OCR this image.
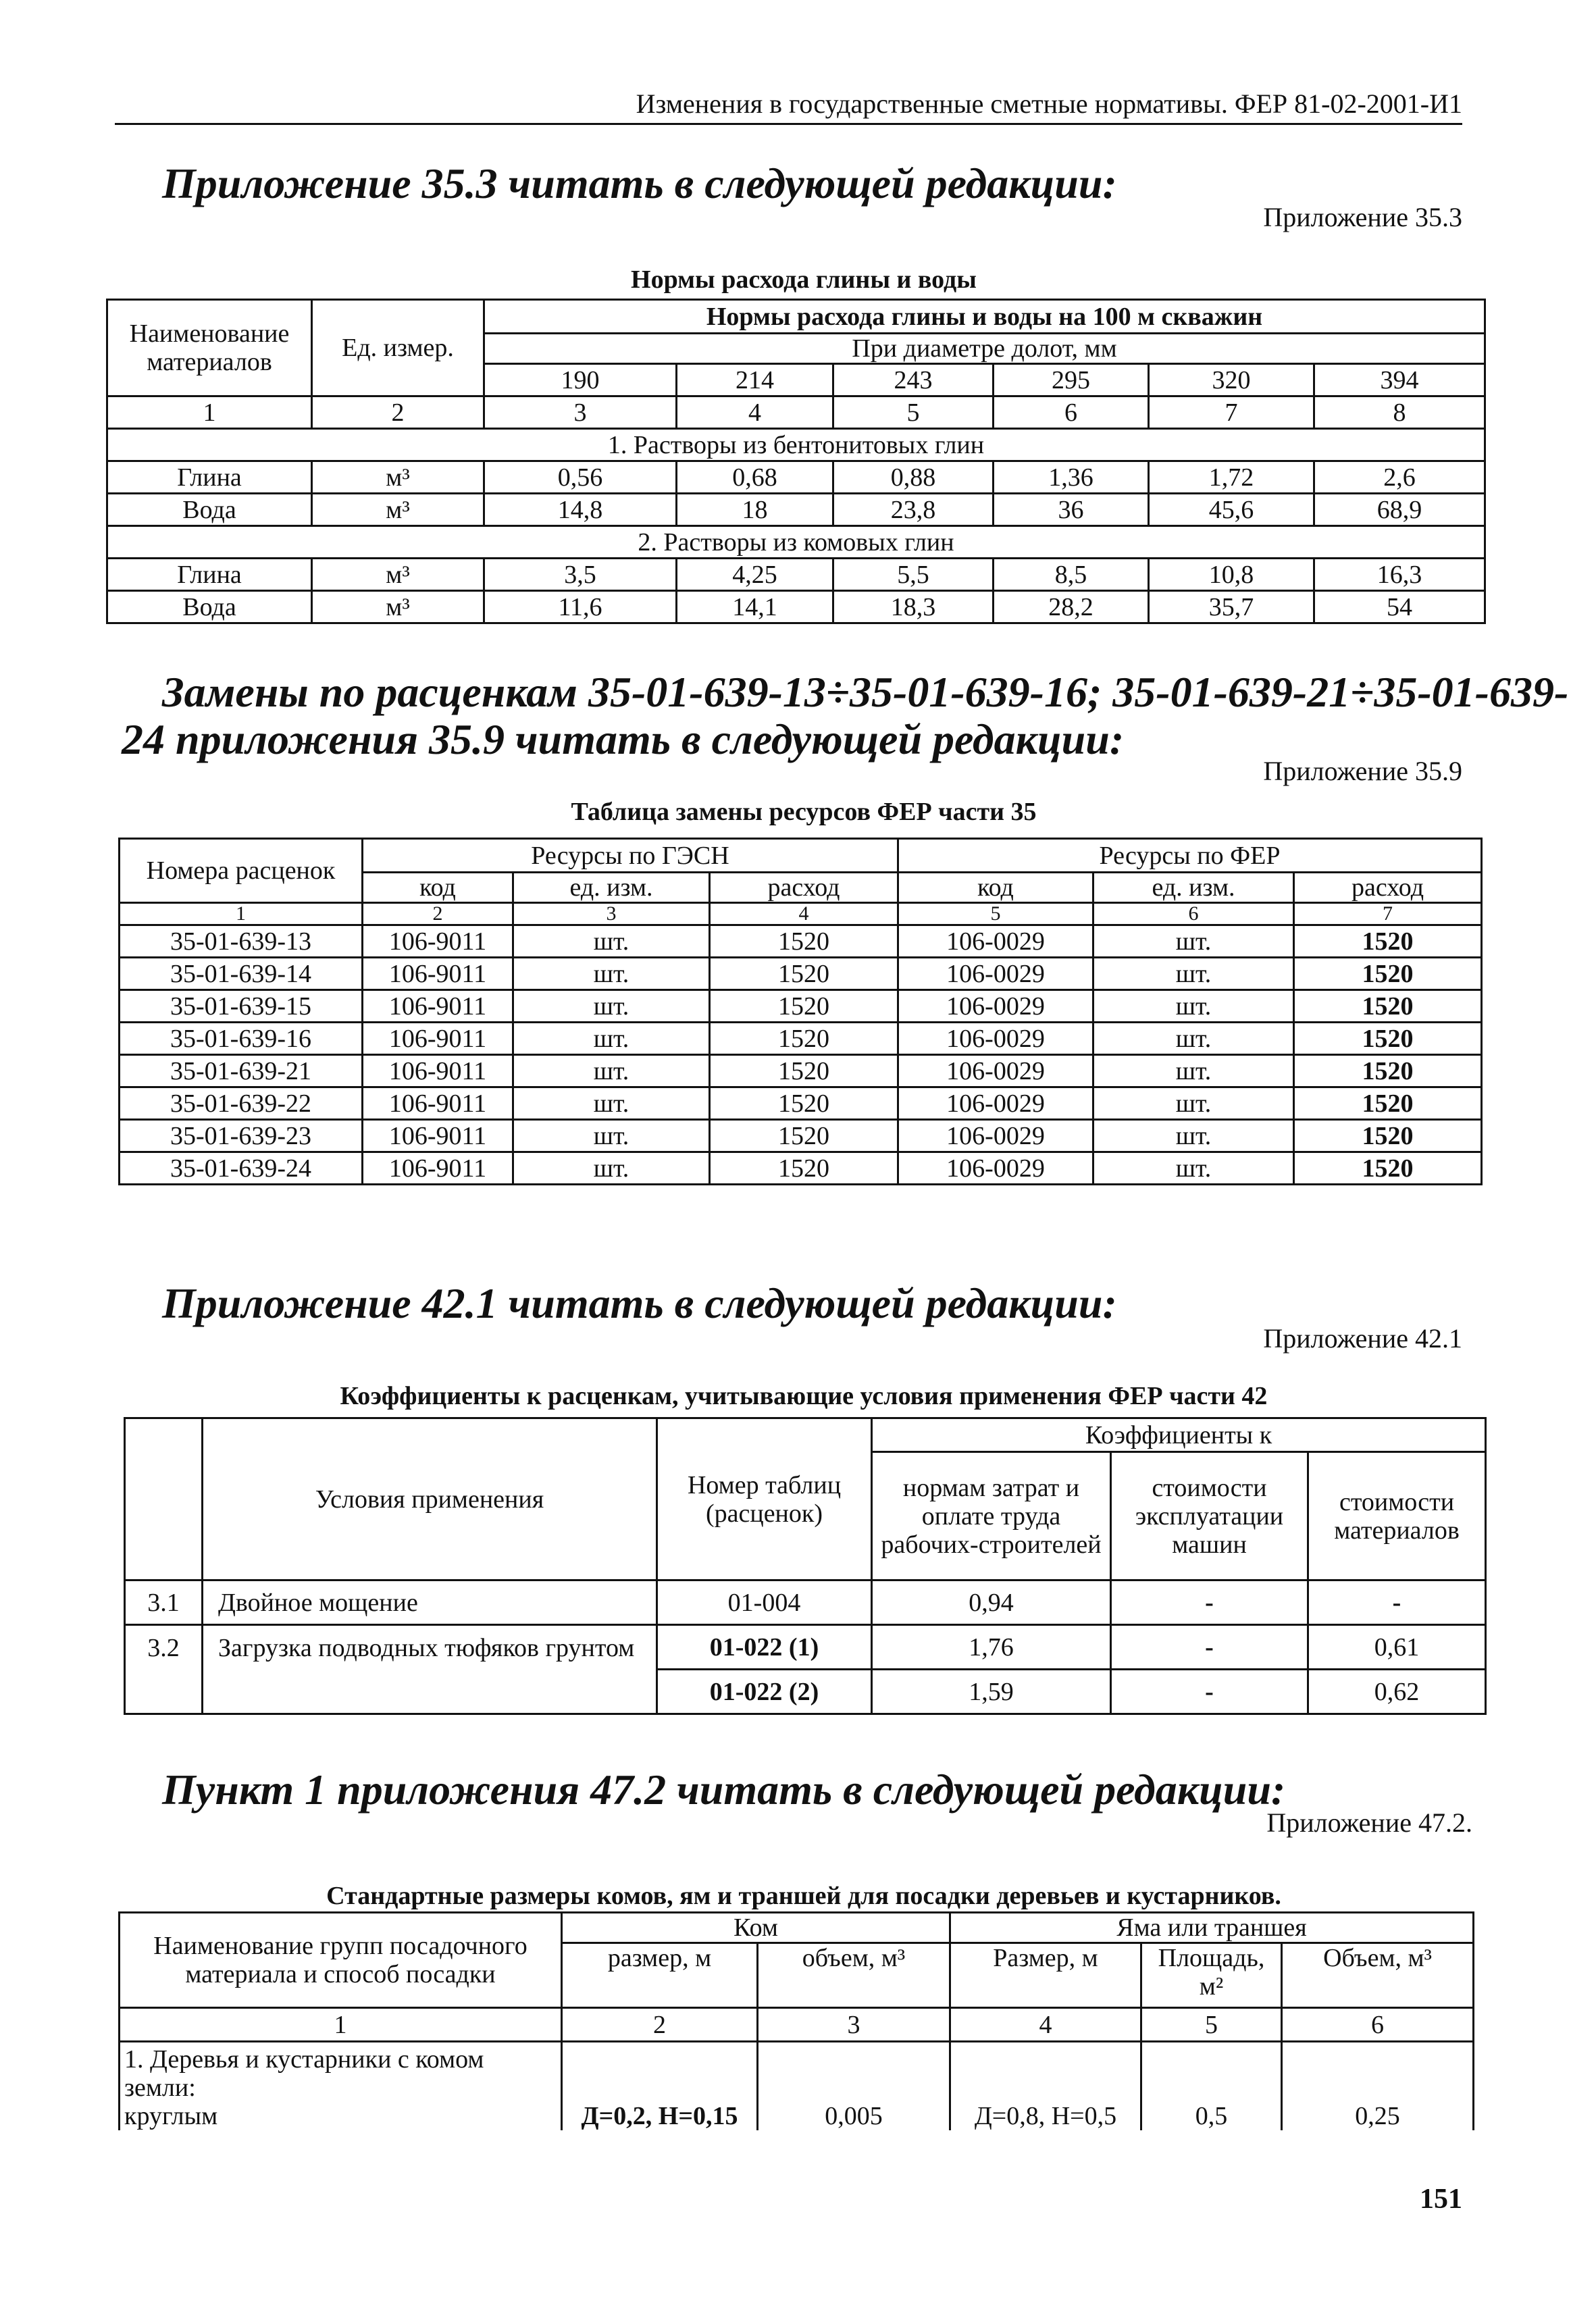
Изменения в государственные сметные нормативы. ФЕР 81-02-2001-И1
Приложение 35.3 читать в следующей редакции:
Приложение 35.3
Нормы расхода глины и воды
Наименование материалов	Ед. измер.	Нормы расхода глины и воды на 100 м скважин					
		При диаметре долот, мм					
		190	214	243	295	320	394
1	2	3	4	5	6	7	8
1. Растворы из бентонитовых глин							
Глина	м³	0,56	0,68	0,88	1,36	1,72	2,6
Вода	м³	14,8	18	23,8	36	45,6	68,9
2. Растворы из комовых глин							
Глина	м³	3,5	4,25	5,5	8,5	10,8	16,3
Вода	м³	11,6	14,1	18,3	28,2	35,7	54
Замены по расценкам 35-01-639-13÷35-01-639-16; 35-01-639-21÷35-01-639-
24 приложения 35.9 читать в следующей редакции:
Приложение 35.9
Таблица замены ресурсов ФЕР части 35
Номера расценок	Ресурсы по ГЭСН			Ресурсы по ФЕР		
	код	ед. изм.	расход	код	ед. изм.	расход
1	2	3	4	5	6	7
35-01-639-13	106-9011	шт.	1520	106-0029	шт.	1520
35-01-639-14	106-9011	шт.	1520	106-0029	шт.	1520
35-01-639-15	106-9011	шт.	1520	106-0029	шт.	1520
35-01-639-16	106-9011	шт.	1520	106-0029	шт.	1520
35-01-639-21	106-9011	шт.	1520	106-0029	шт.	1520
35-01-639-22	106-9011	шт.	1520	106-0029	шт.	1520
35-01-639-23	106-9011	шт.	1520	106-0029	шт.	1520
35-01-639-24	106-9011	шт.	1520	106-0029	шт.	1520
Приложение 42.1 читать в следующей редакции:
Приложение 42.1
Коэффициенты к расценкам, учитывающие условия применения ФЕР части 42
	Условия применения	Номер таблиц (расценок)	Коэффициенты к		
			нормам затрат и оплате труда рабочих-строителей	стоимости эксплуатации машин	стоимости материалов
3.1	Двойное мощение	01-004	0,94	-	-
3.2	Загрузка подводных тюфяков грунтом	01-022 (1)	1,76	-	0,61
		01-022 (2)	1,59	-	0,62
Пункт 1 приложения 47.2 читать в следующей редакции:
Приложение 47.2.
Стандартные размеры комов, ям и траншей для посадки деревьев и кустарников.
Наименование групп посадочного материала и способ посадки	Ком		Яма или траншея		
	размер, м	объем, м³	Размер, м	Площадь, м²	Объем, м³
1	2	3	4	5	6
1. Деревья и кустарники с комом земли:
круглым	Д=0,2, Н=0,15	0,005	Д=0,8, Н=0,5	0,5	0,25
151
